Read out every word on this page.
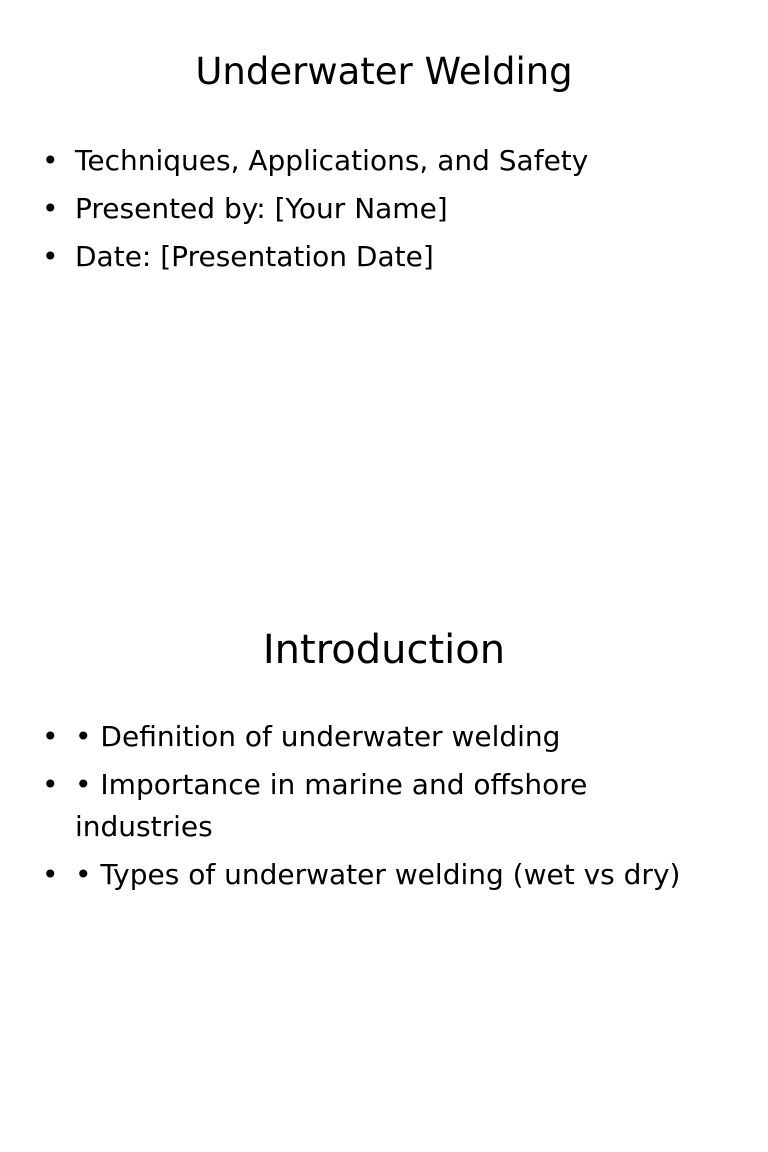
Underwater Welding
• Techniques, Applications, and Safety
• Presented by: [Your Name]
• Date: [Presentation Date]
Introduction
• • Definition of underwater welding
• • Importance in marine and offshore industries
• • Types of underwater welding (wet vs dry)
